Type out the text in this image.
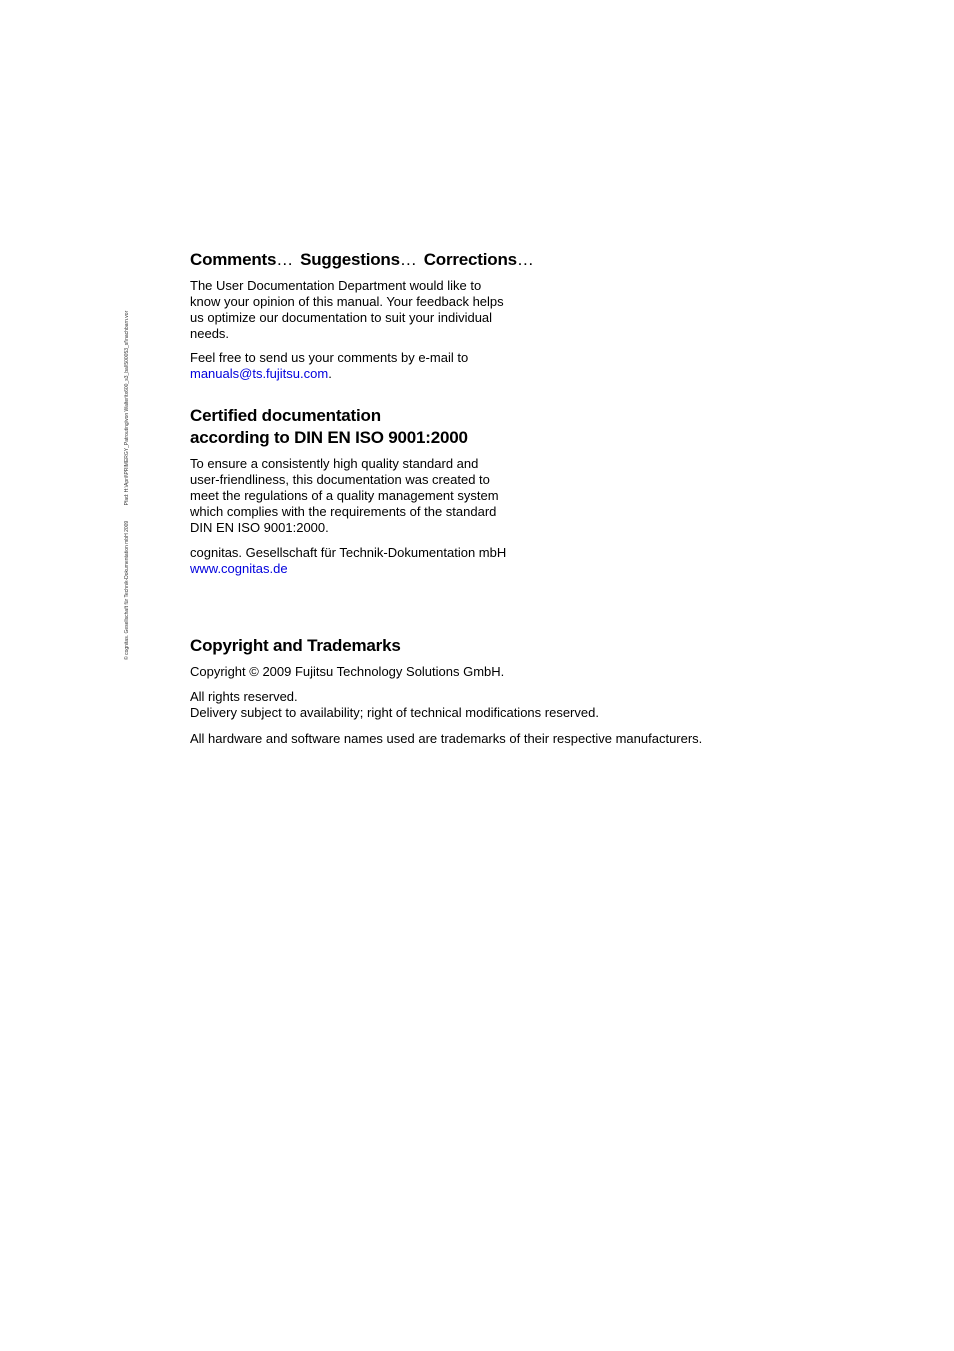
© cognitas. Gesellschaft für Technik-Dokumentation mbH 2009 Pfad: H:\April\PRIMERGY_Patrouting\von Walter\tx600_s3_bal\500053_sf\nachbarn.vor
Comments… Suggestions… Corrections…

The User Documentation Department would like to know your opinion of this manual. Your feedback helps us optimize our documentation to suit your individual needs.

Feel free to send us your comments by e-mail to
manuals@ts.fujitsu.com.

Certified documentation
according to DIN EN ISO 9001:2000

To ensure a consistently high quality standard and user-friendliness, this documentation was created to meet the regulations of a quality management system which complies with the requirements of the standard DIN EN ISO 9001:2000.

cognitas. Gesellschaft für Technik-Dokumentation mbH
www.cognitas.de

Copyright and Trademarks

Copyright © 2009 Fujitsu Technology Solutions GmbH.

All rights reserved.
Delivery subject to availability; right of technical modifications reserved.

All hardware and software names used are trademarks of their respective manufacturers.
